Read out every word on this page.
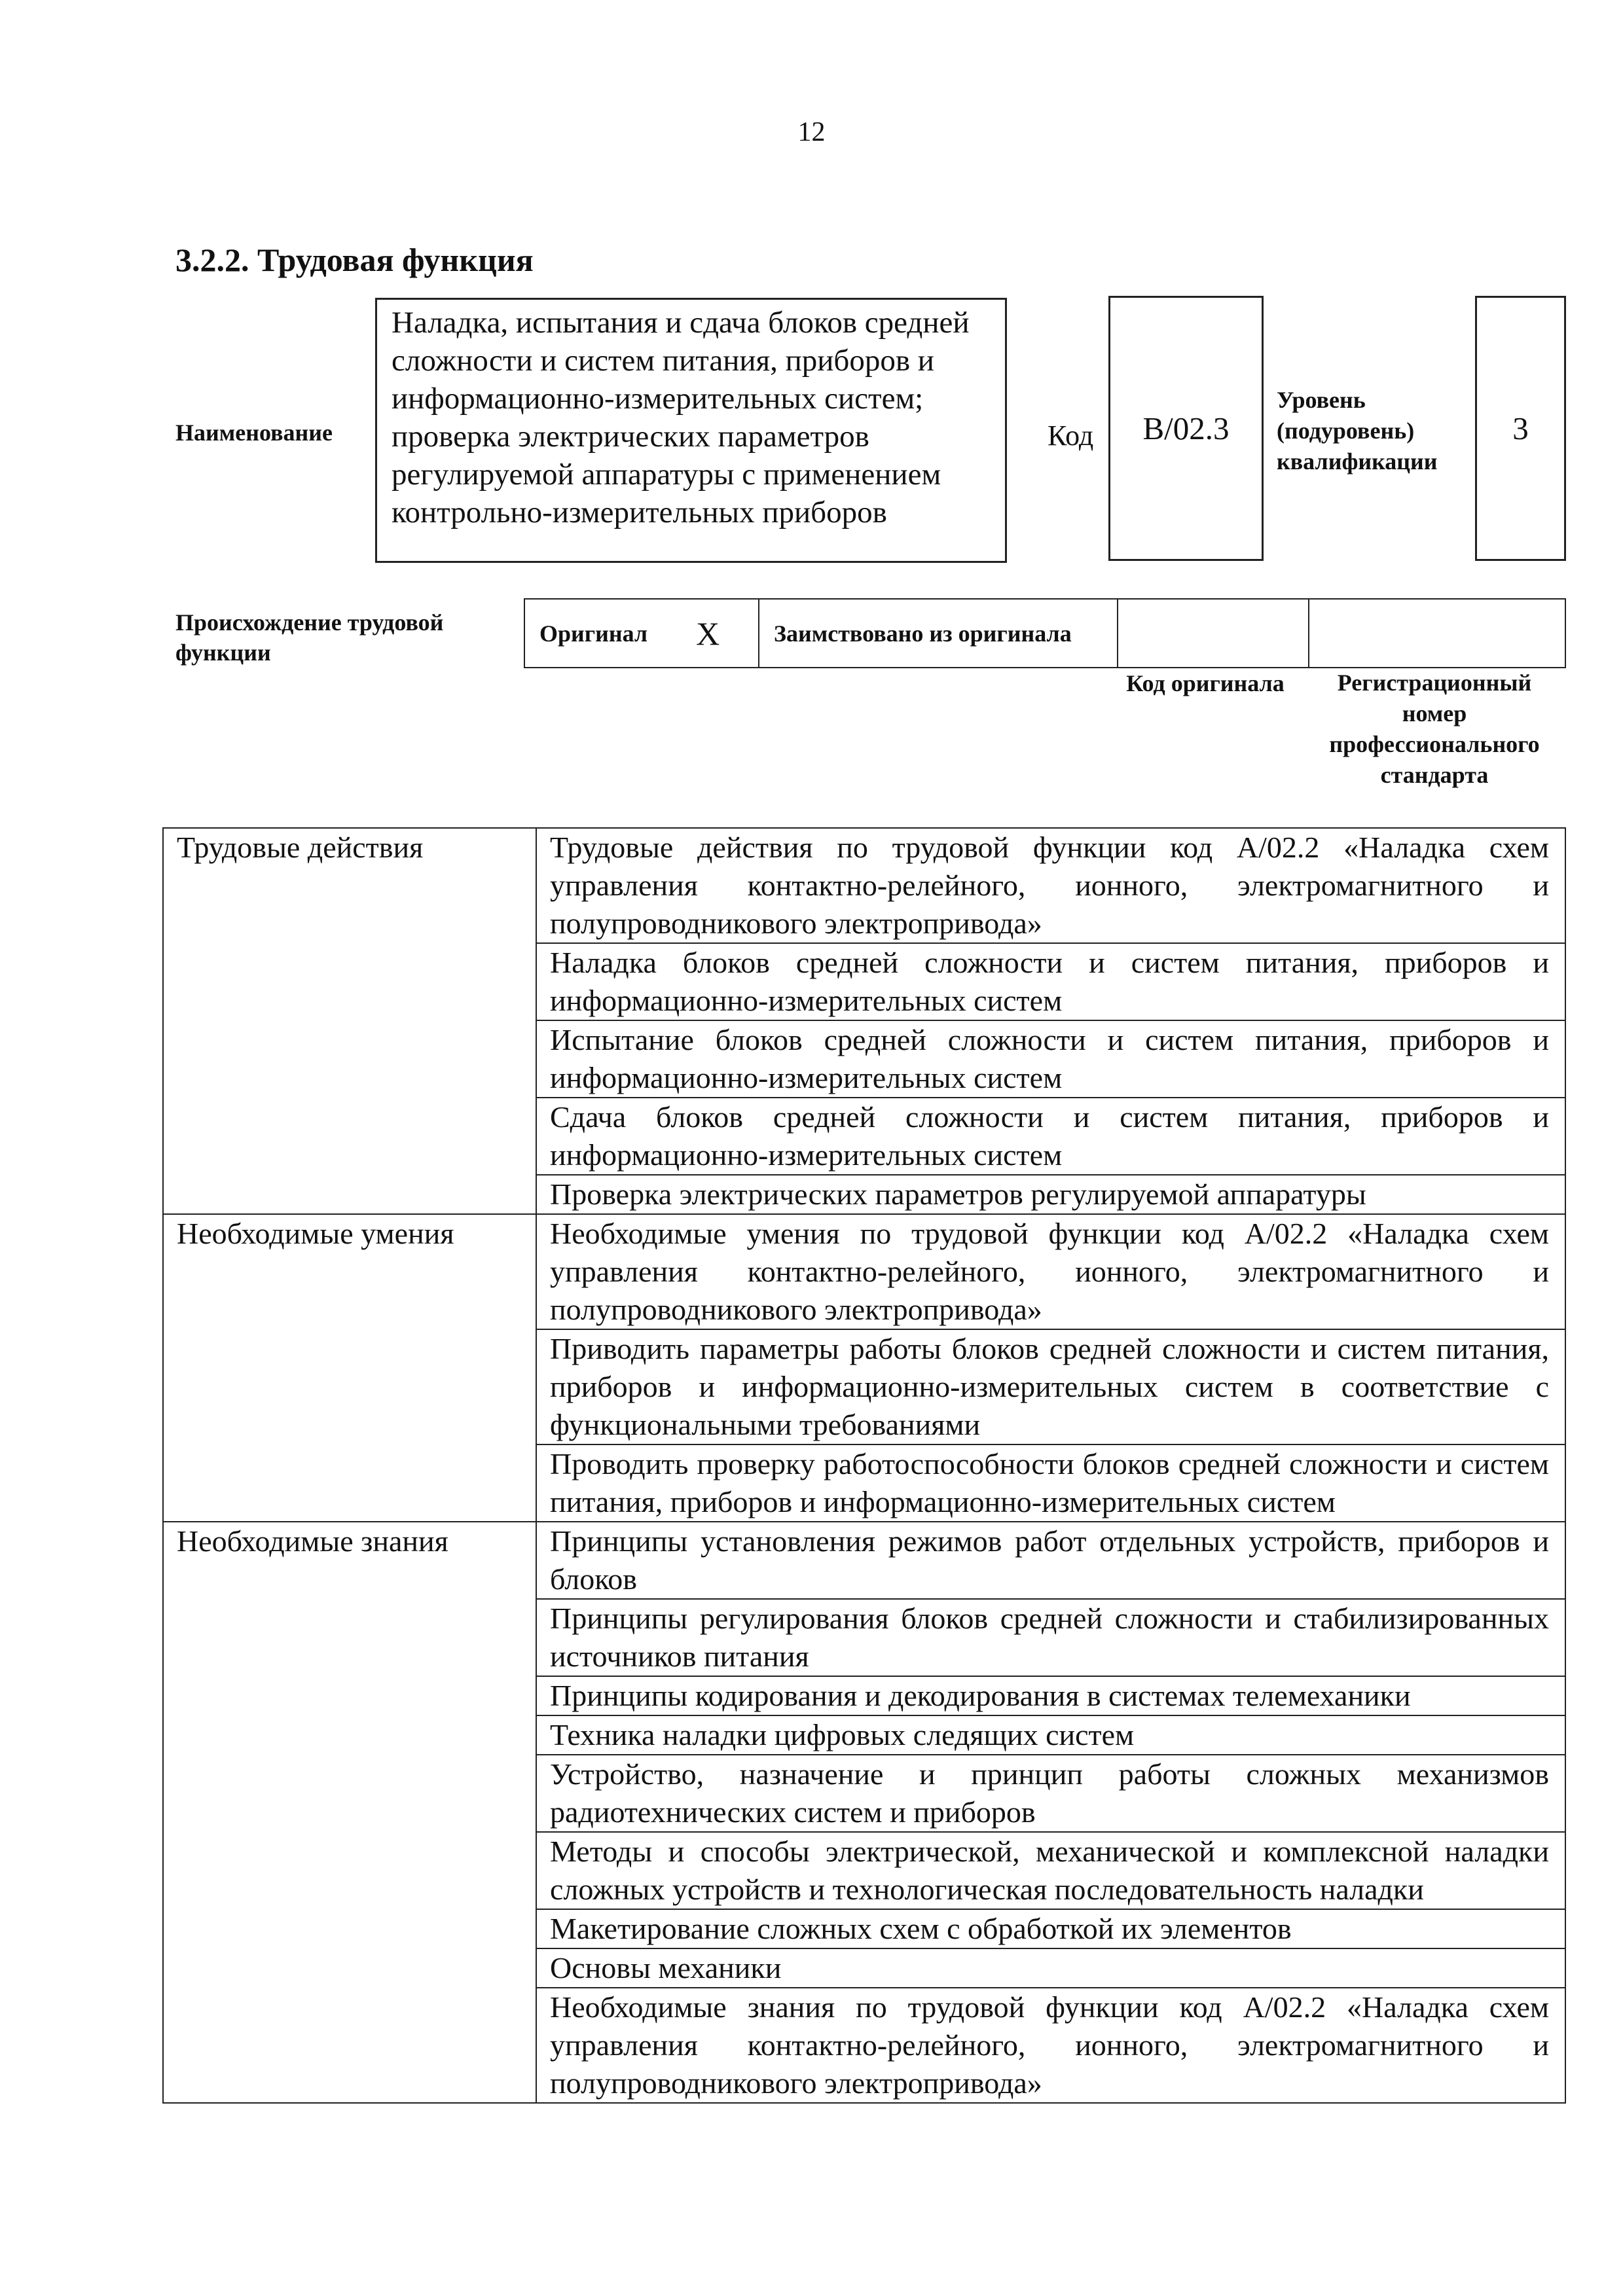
12
3.2.2. Трудовая функция
Наименование
Наладка, испытания и сдача блоков средней сложности и систем питания, приборов и информационно-измерительных систем; проверка электрических параметров регулируемой аппаратуры с применением контрольно-измерительных приборов
Код	B/02.3
Уровень
(подуровень)
квалификации
3
Происхождение трудовой функции
Оригинал X Заимствовано из оригинала
Код оригинала	Регистрационный номер профессионального стандарта
Трудовые действия	Трудовые действия по трудовой функции код A/02.2 «Наладка схем управления контактно-релейного, ионного, электромагнитного и полупроводникового электропривода»
	Наладка блоков средней сложности и систем питания, приборов и информационно-измерительных систем
	Испытание блоков средней сложности и систем питания, приборов и информационно-измерительных систем
	Сдача блоков средней сложности и систем питания, приборов и информационно-измерительных систем
	Проверка электрических параметров регулируемой аппаратуры
Необходимые умения	Необходимые умения по трудовой функции код A/02.2 «Наладка схем управления контактно-релейного, ионного, электромагнитного и полупроводникового электропривода»
	Приводить параметры работы блоков средней сложности и систем питания, приборов и информационно-измерительных систем в соответствие с функциональными требованиями
	Проводить проверку работоспособности блоков средней сложности и систем питания, приборов и информационно-измерительных систем
Необходимые знания	Принципы установления режимов работ отдельных устройств, приборов и блоков
	Принципы регулирования блоков средней сложности и стабилизированных источников питания
	Принципы кодирования и декодирования в системах телемеханики
	Техника наладки цифровых следящих систем
	Устройство, назначение и принцип работы сложных механизмов радиотехнических систем и приборов
	Методы и способы электрической, механической и комплексной наладки сложных устройств и технологическая последовательность наладки
	Макетирование сложных схем с обработкой их элементов
	Основы механики
	Необходимые знания по трудовой функции код A/02.2 «Наладка схем управления контактно-релейного, ионного, электромагнитного и полупроводникового электропривода»
